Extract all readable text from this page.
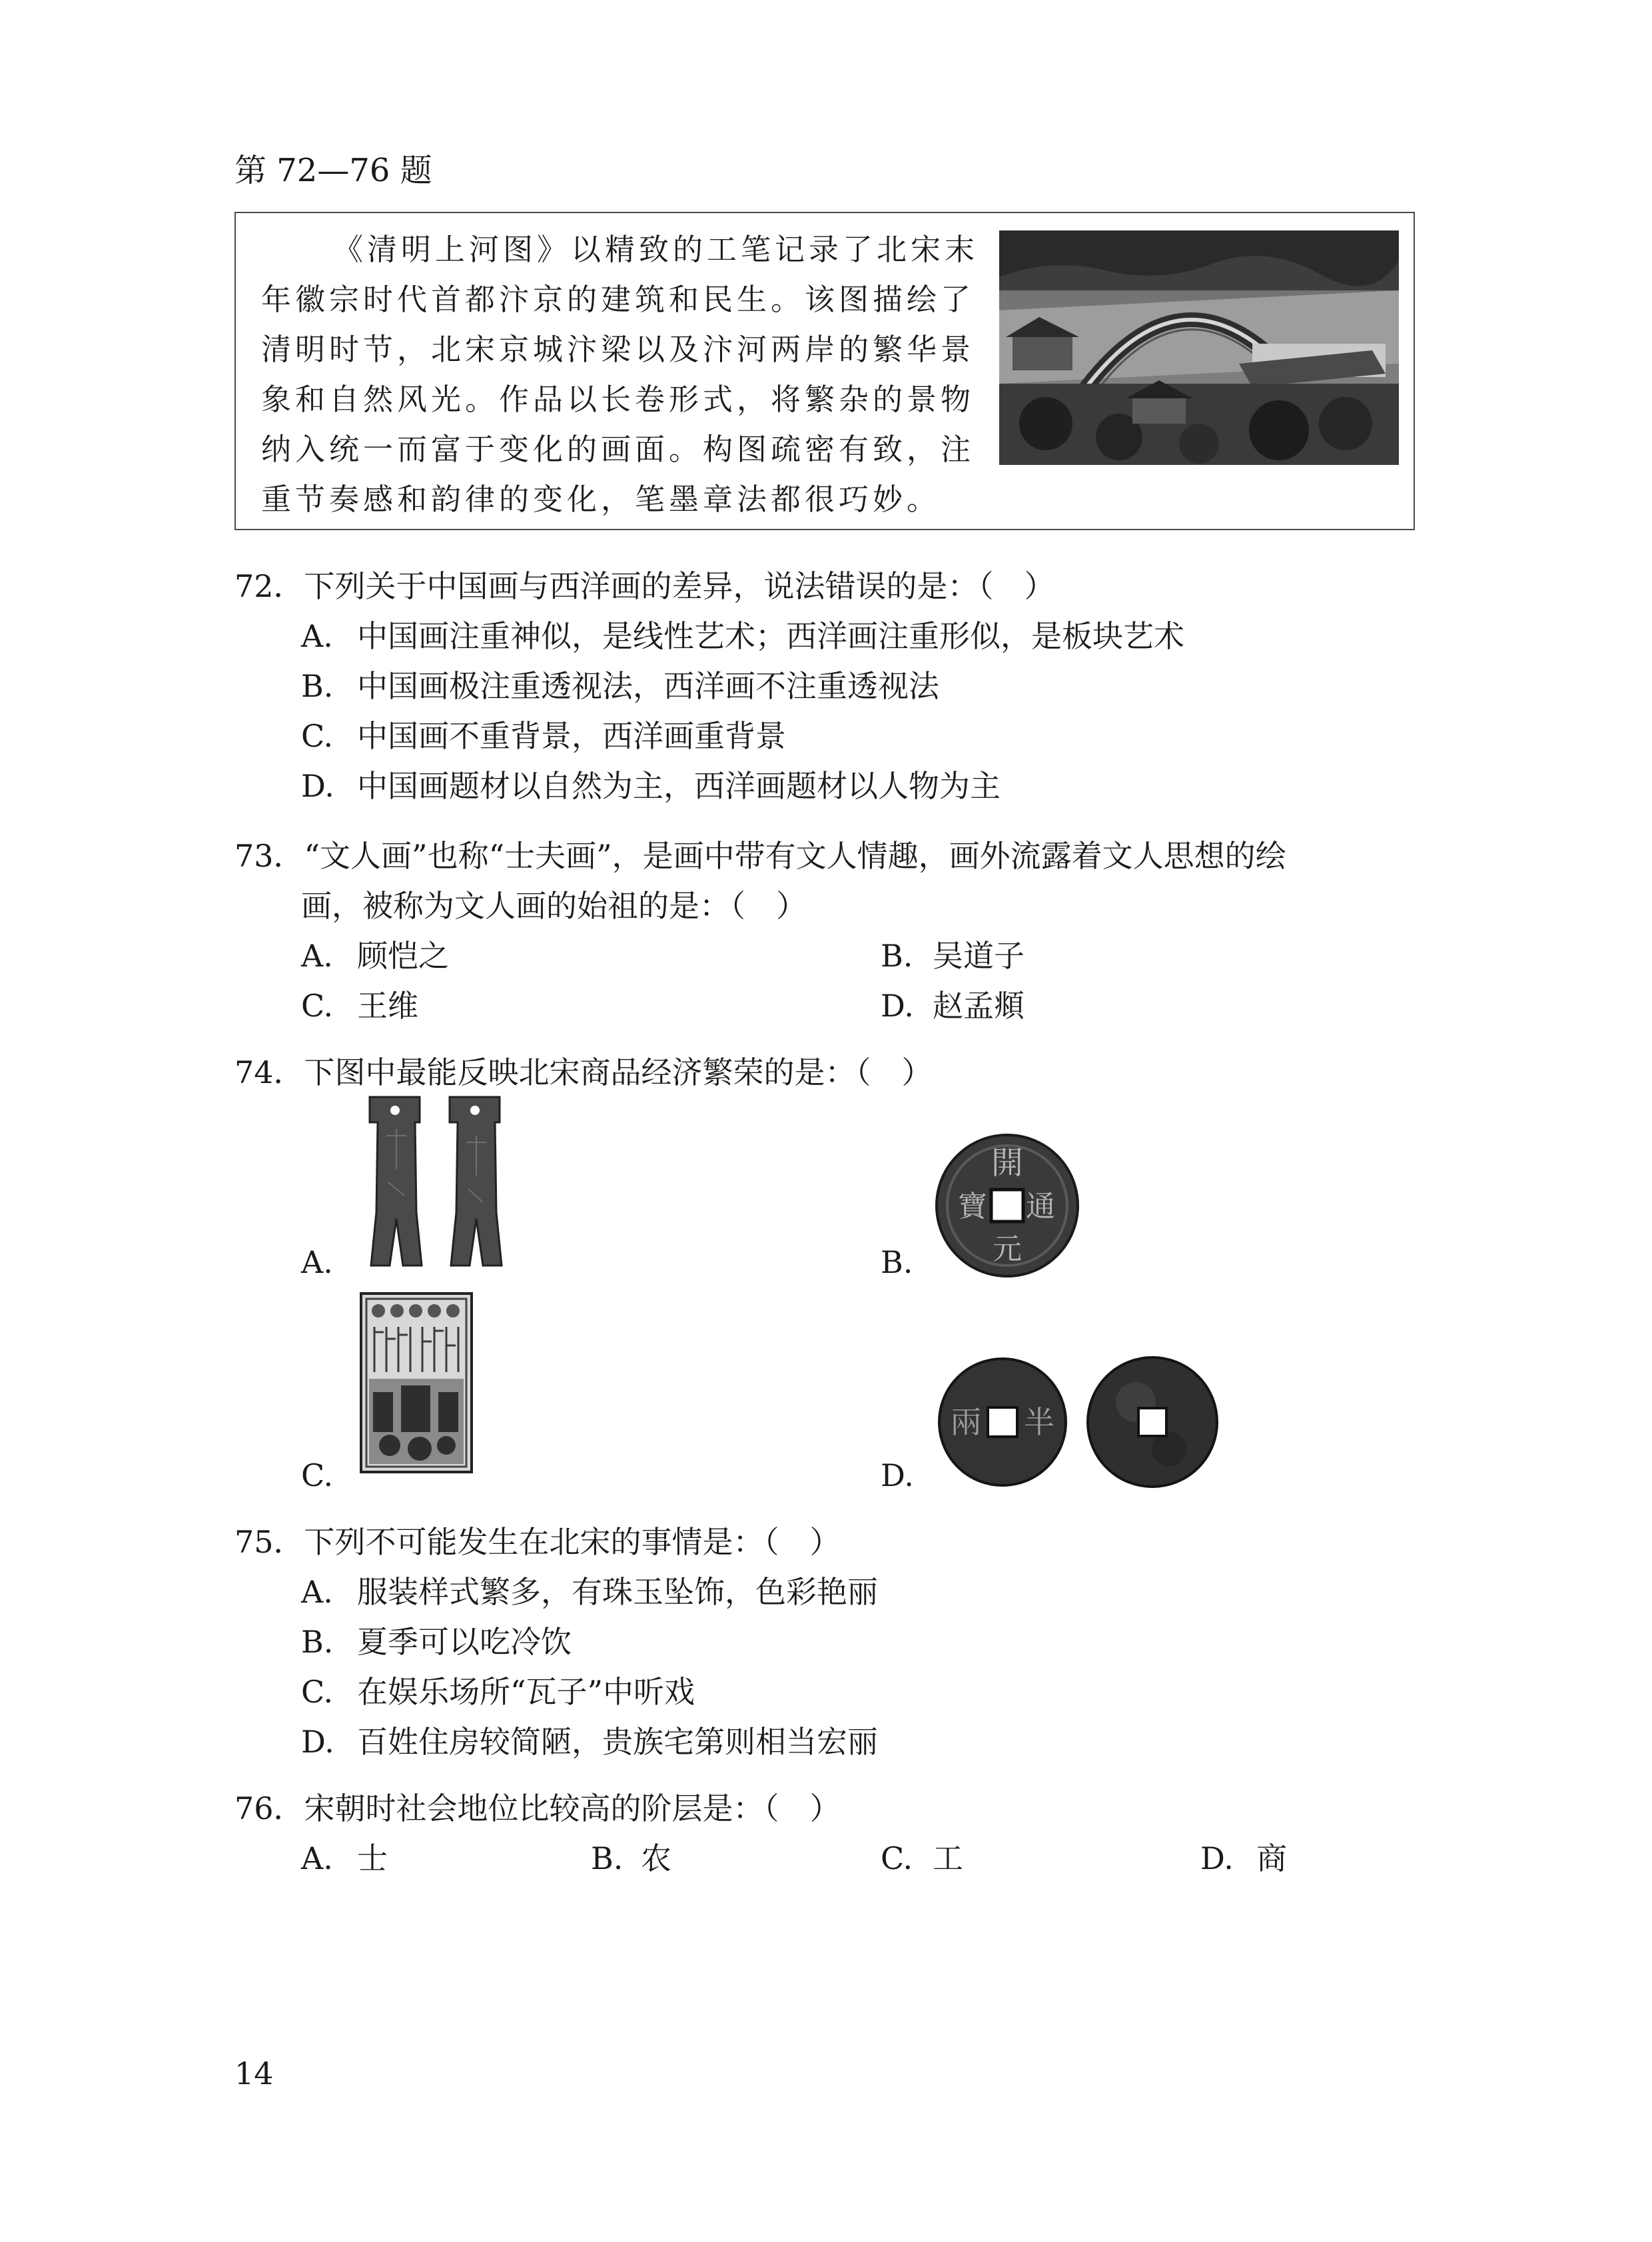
第 72—76 题
《清明上河图》以精致的工笔记录了北宋末
年徽宗时代首都汴京的建筑和民生。该图描绘了
清明时节，北宋京城汴梁以及汴河两岸的繁华景
象和自然风光。作品以长卷形式，将繁杂的景物
纳入统一而富于变化的画面。构图疏密有致，注
重节奏感和韵律的变化，笔墨章法都很巧妙。
72．下列关于中国画与西洋画的差异，说法错误的是：（　）
A. 中国画注重神似，是线性艺术；西洋画注重形似，是板块艺术
B. 中国画极注重透视法，西洋画不注重透视法
C. 中国画不重背景，西洋画重背景
D. 中国画题材以自然为主，西洋画题材以人物为主
73．“文人画”也称“士夫画”，是画中带有文人情趣，画外流露着文人思想的绘
画，被称为文人画的始祖的是：（　）
A. 顾恺之	B. 吴道子
C. 王维	D. 赵孟頫
74．下图中最能反映北宋商品经济繁荣的是：（　）
A.	B.
開
通
元
寶
C.	D.
半
兩
75．下列不可能发生在北宋的事情是：（　）
A. 服装样式繁多，有珠玉坠饰，色彩艳丽
B. 夏季可以吃冷饮
C. 在娱乐场所“瓦子”中听戏
D. 百姓住房较简陋，贵族宅第则相当宏丽
76．宋朝时社会地位比较高的阶层是：（　）
A. 士	B. 农	C. 工	D. 商
14
